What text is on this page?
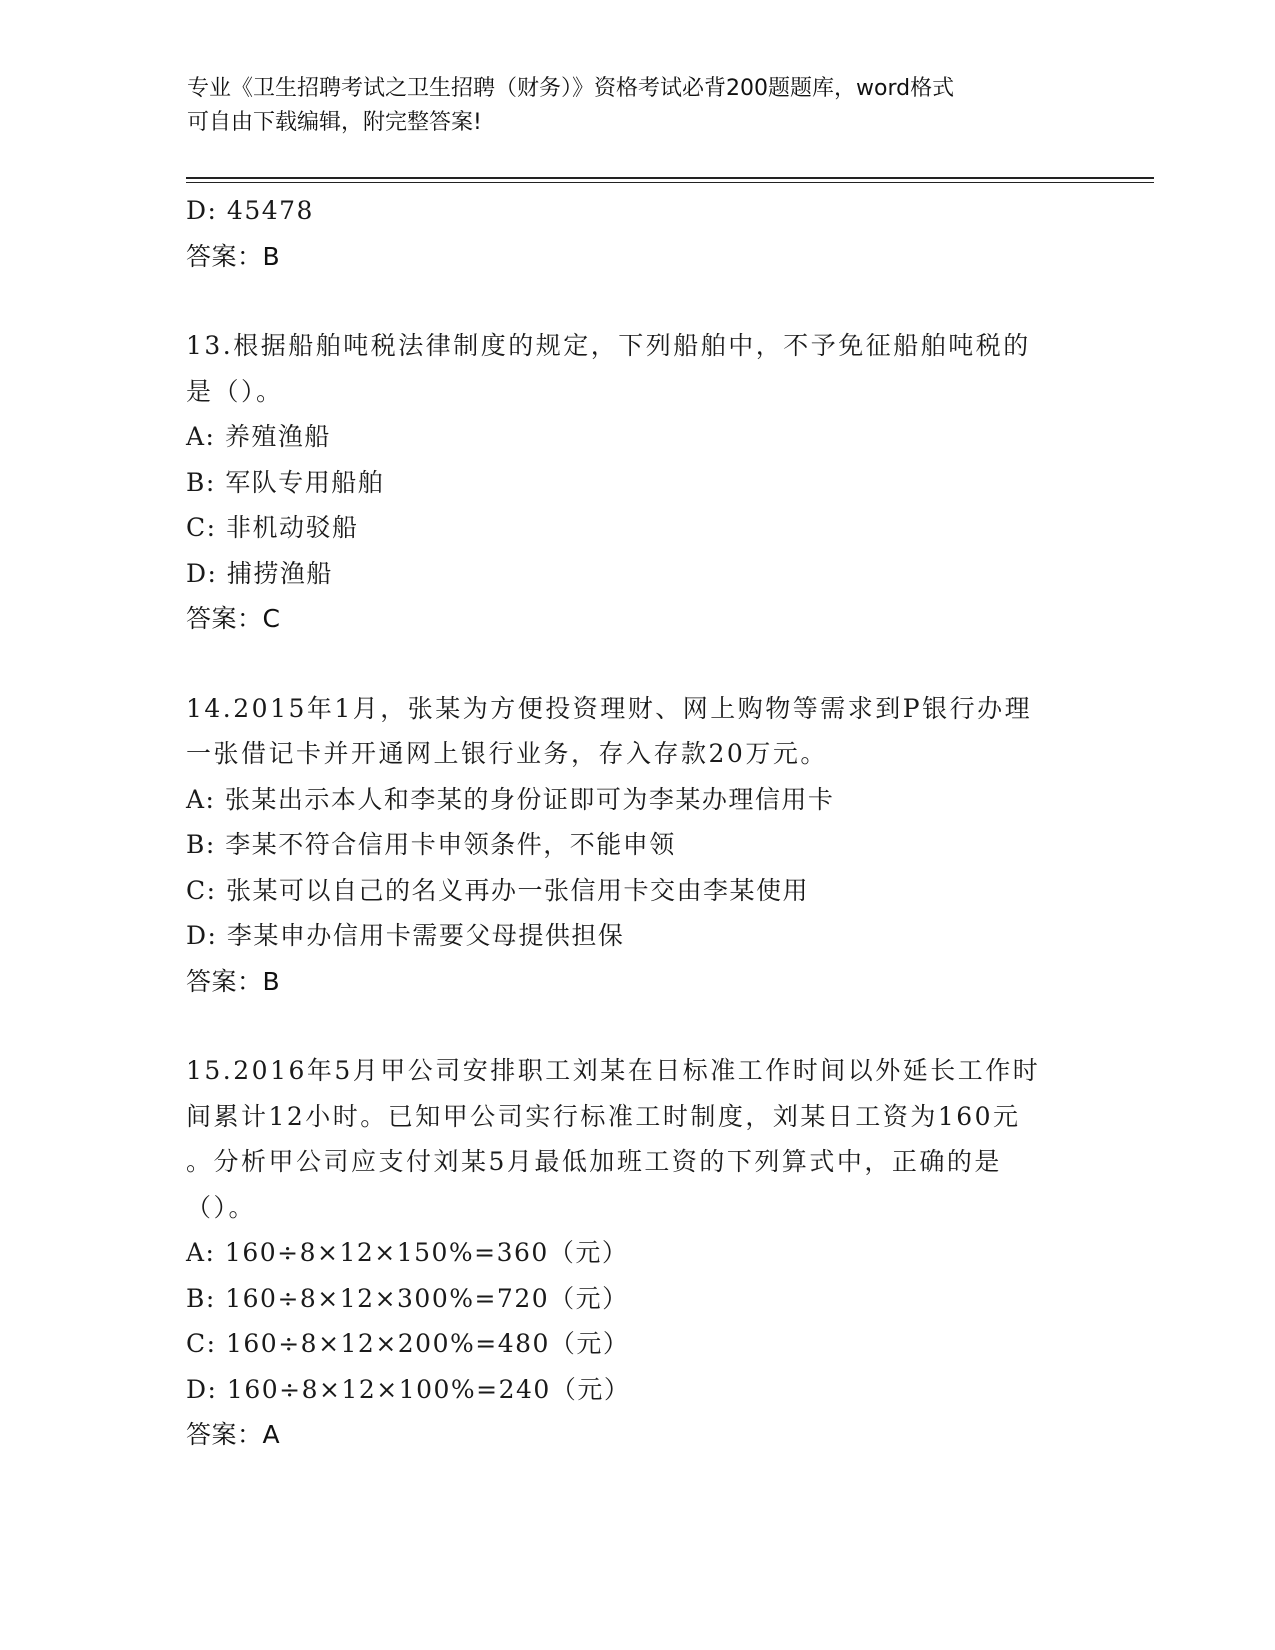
专业《卫生招聘考试之卫生招聘（财务）》资格考试必背200题题库，word格式
可自由下载编辑，附完整答案!
D: 45478
答案：B
13.根据船舶吨税法律制度的规定，下列船舶中，不予免征船舶吨税的
是（）。
A: 养殖渔船
B: 军队专用船舶
C: 非机动驳船
D: 捕捞渔船
答案：C
14.2015年1月，张某为方便投资理财、网上购物等需求到P银行办理
一张借记卡并开通网上银行业务，存入存款20万元。
A: 张某出示本人和李某的身份证即可为李某办理信用卡
B: 李某不符合信用卡申领条件，不能申领
C: 张某可以自己的名义再办一张信用卡交由李某使用
D: 李某申办信用卡需要父母提供担保
答案：B
15.2016年5月甲公司安排职工刘某在日标准工作时间以外延长工作时
间累计12小时。已知甲公司实行标准工时制度，刘某日工资为160元
。分析甲公司应支付刘某5月最低加班工资的下列算式中，正确的是
（）。
A: 160÷8×12×150%=360（元）
B: 160÷8×12×300%=720（元）
C: 160÷8×12×200%=480（元）
D: 160÷8×12×100%=240（元）
答案：A
